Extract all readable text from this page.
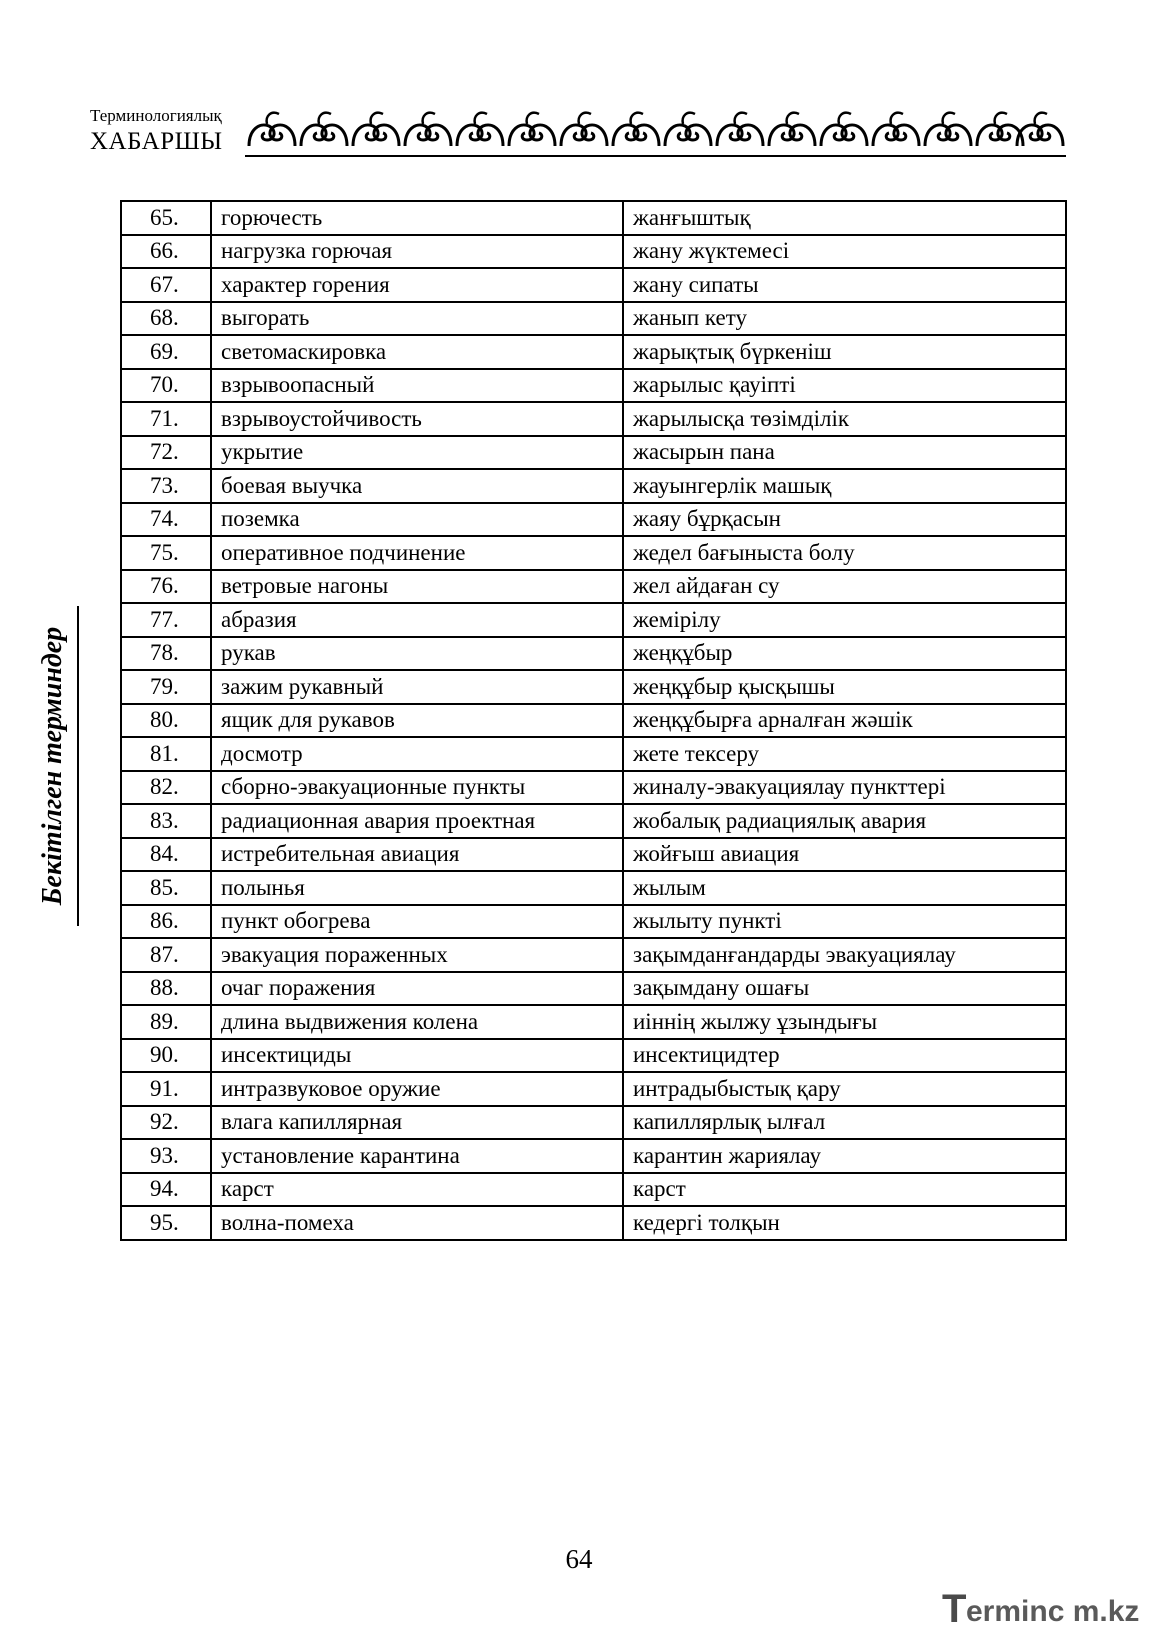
Терминологиялық
ХАБАРШЫ
Бекітілген терминдер
65.	горючесть	жанғыштық
66.	нагрузка горючая	жану жүктемесі
67.	характер горения	жану сипаты
68.	выгорать	жанып кету
69.	светомаскировка	жарықтық бүркеніш
70.	взрывоопасный	жарылыс қауіпті
71.	взрывоустойчивость	жарылысқа төзімділік
72.	укрытие	жасырын пана
73.	боевая выучка	жауынгерлік машық
74.	поземка	жаяу бұрқасын
75.	оперативное подчинение	жедел бағыныста болу
76.	ветровые нагоны	жел айдаған су
77.	абразия	жемірілу
78.	рукав	жеңқұбыр
79.	зажим рукавный	жеңқұбыр қысқышы
80.	ящик для рукавов	жеңқұбырға арналған жәшік
81.	досмотр	жете тексеру
82.	сборно-эвакуационные пункты	жиналу-эвакуациялау пункттері
83.	радиационная авария проектная	жобалық радиациялық авария
84.	истребительная авиация	жойғыш авиация
85.	полынья	жылым
86.	пункт обогрева	жылыту пункті
87.	эвакуация пораженных	зақымданғандарды эвакуациялау
88.	очаг поражения	зақымдану ошағы
89.	длина выдвижения колена	иіннің жылжу ұзындығы
90.	инсектициды	инсектицидтер
91.	интразвуковое оружие	интрадыбыстық қару
92.	влага капиллярная	капиллярлық ылғал
93.	установление карантина	карантин жариялау
94.	карст	карст
95.	волна-помеха	кедергі толқын
64
T erminc m.kz
